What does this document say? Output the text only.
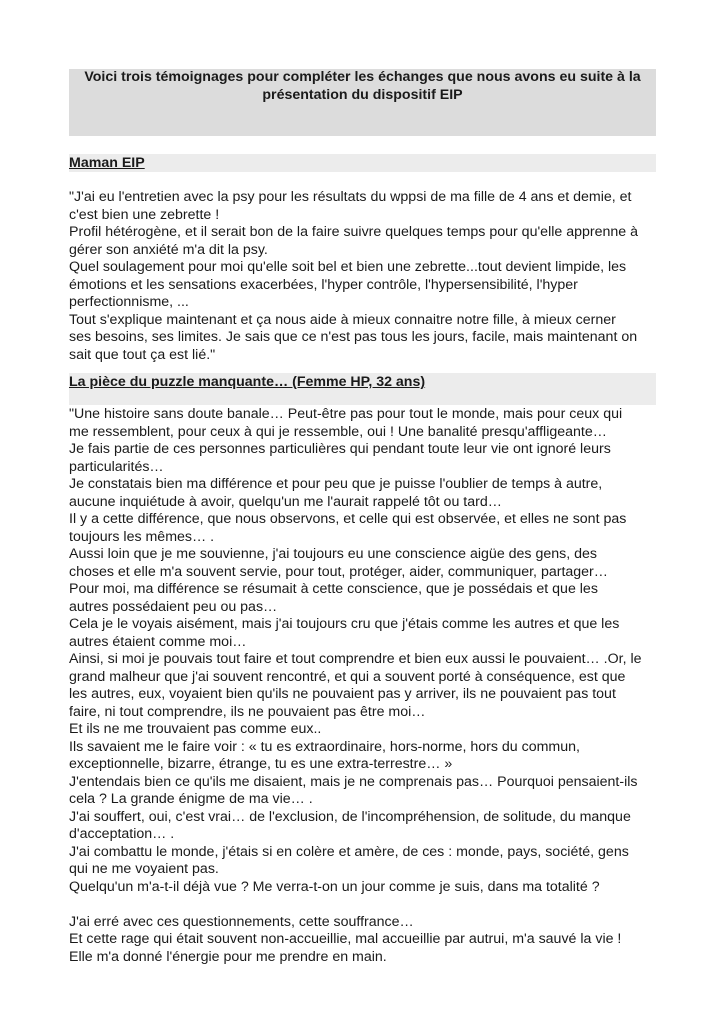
Voici trois témoignages pour compléter les échanges que nous avons eu suite à la
présentation du dispositif EIP
Maman EIP
"J'ai eu l'entretien avec la psy pour les résultats du wppsi de ma fille de 4 ans et demie, et
c'est bien une zebrette !
Profil hétérogène, et il serait bon de la faire suivre quelques temps pour qu'elle apprenne à
gérer son anxiété m'a dit la psy.
Quel soulagement pour moi qu'elle soit bel et bien une zebrette...tout devient limpide, les
émotions et les sensations exacerbées, l'hyper contrôle, l'hypersensibilité, l'hyper
perfectionnisme, ...
Tout s'explique maintenant et ça nous aide à mieux connaitre notre fille, à mieux cerner
ses besoins, ses limites. Je sais que ce n'est pas tous les jours, facile, mais maintenant on
sait que tout ça est lié."
La pièce du puzzle manquante… (Femme HP, 32 ans)
"Une histoire sans doute banale… Peut-être pas pour tout le monde, mais pour ceux qui
me ressemblent, pour ceux à qui je ressemble, oui ! Une banalité presqu'affligeante…
Je fais partie de ces personnes particulières qui pendant toute leur vie ont ignoré leurs
particularités…
Je constatais bien ma différence et pour peu que je puisse l'oublier de temps à autre,
aucune inquiétude à avoir, quelqu'un me l'aurait rappelé tôt ou tard…
Il y a cette différence, que nous observons, et celle qui est observée, et elles ne sont pas
toujours les mêmes… .
Aussi loin que je me souvienne, j'ai toujours eu une conscience aigüe des gens, des
choses et elle m'a souvent servie, pour tout, protéger, aider, communiquer, partager…
Pour moi, ma différence se résumait à cette conscience, que je possédais et que les
autres possédaient peu ou pas…
Cela je le voyais aisément, mais j'ai toujours cru que j'étais comme les autres et que les
autres étaient comme moi…
Ainsi, si moi je pouvais tout faire et tout comprendre et bien eux aussi le pouvaient… .Or, le
grand malheur que j'ai souvent rencontré, et qui a souvent porté à conséquence, est que
les autres, eux, voyaient bien qu'ils ne pouvaient pas y arriver, ils ne pouvaient pas tout
faire, ni tout comprendre, ils ne pouvaient pas être moi…
Et ils ne me trouvaient pas comme eux..
Ils savaient me le faire voir : « tu es extraordinaire, hors-norme, hors du commun,
exceptionnelle, bizarre, étrange, tu es une extra-terrestre… »
J'entendais bien ce qu'ils me disaient, mais je ne comprenais pas… Pourquoi pensaient-ils
cela ? La grande énigme de ma vie… .
J'ai souffert, oui, c'est vrai… de l'exclusion, de l'incompréhension, de solitude, du manque
d'acceptation… .
J'ai combattu le monde, j'étais si en colère et amère, de ces : monde, pays, société, gens
qui ne me voyaient pas.
Quelqu'un m'a-t-il déjà vue ? Me verra-t-on un jour comme je suis, dans ma totalité ?
J'ai erré avec ces questionnements, cette souffrance…
Et cette rage qui était souvent non-accueillie, mal accueillie par autrui, m'a sauvé la vie !
Elle m'a donné l'énergie pour me prendre en main.
